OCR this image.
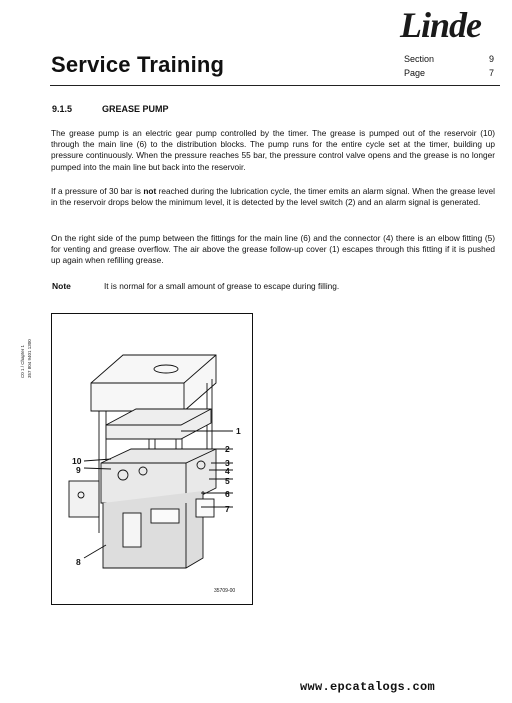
Linde
Service Training	Section	9
Page	7
9.1.5	GREASE PUMP
The grease pump is an electric gear pump controlled by the timer. The grease is pumped out of the reservoir (10) through the main line (6) to the distribution blocks. The pump runs for the entire cycle set at the timer, building up pressure continuously. When the pressure reaches 55 bar, the pressure control valve opens and the grease is no longer pumped into the main line but back into the reservoir.
If a pressure of 30 bar is not reached during the lubrication cycle, the timer emits an alarm signal. When the grease level in the reservoir drops below the minimum level, it is detected by the level switch (2) and an alarm signal is generated.
On the right side of the pump between the fittings for the main line (6) and the connector (4) there is an elbow fitting (5) for venting and grease overflow. The air above the grease follow-up cover (1) escapes through this fitting if it is pushed up again when refilling grease.
Note	It is normal for a small amount of grease to escape during filling.
C0 1 / Chapter 1 357 804 9401 1300
1
2
3
4
5
6
7
8
9
10
35709-00
www.epcatalogs.com
